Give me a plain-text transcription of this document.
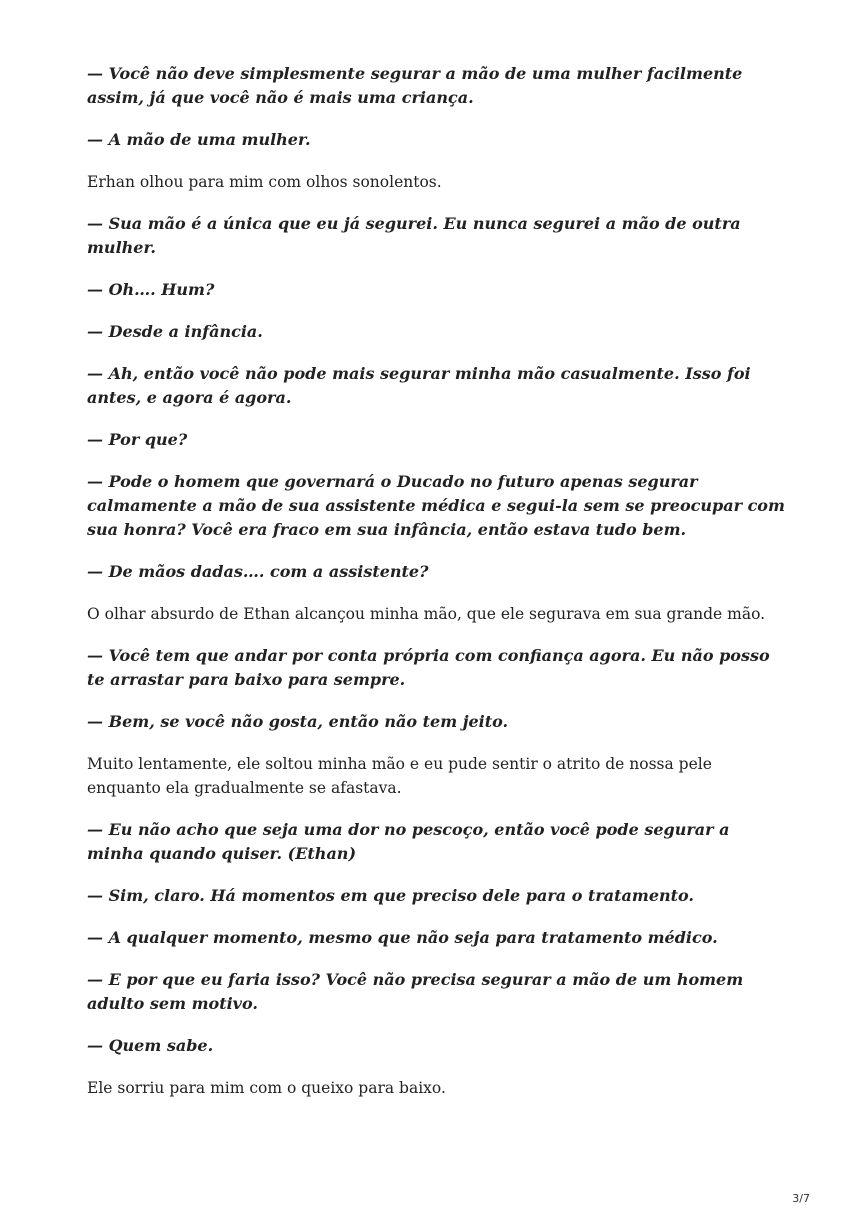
— Você não deve simplesmente segurar a mão de uma mulher facilmente assim, já que você não é mais uma criança.

— A mão de uma mulher.

Erhan olhou para mim com olhos sonolentos.

— Sua mão é a única que eu já segurei. Eu nunca segurei a mão de outra mulher.

— Oh…. Hum?

— Desde a infância.

— Ah, então você não pode mais segurar minha mão casualmente. Isso foi antes, e agora é agora.

— Por que?

— Pode o homem que governará o Ducado no futuro apenas segurar calmamente a mão de sua assistente médica e segui-la sem se preocupar com sua honra? Você era fraco em sua infância, então estava tudo bem.

— De mãos dadas…. com a assistente?

O olhar absurdo de Ethan alcançou minha mão, que ele segurava em sua grande mão.

— Você tem que andar por conta própria com confiança agora. Eu não posso te arrastar para baixo para sempre.

— Bem, se você não gosta, então não tem jeito.

Muito lentamente, ele soltou minha mão e eu pude sentir o atrito de nossa pele enquanto ela gradualmente se afastava.

— Eu não acho que seja uma dor no pescoço, então você pode segurar a minha quando quiser. (Ethan)

— Sim, claro. Há momentos em que preciso dele para o tratamento.

— A qualquer momento, mesmo que não seja para tratamento médico.

— E por que eu faria isso? Você não precisa segurar a mão de um homem adulto sem motivo.

— Quem sabe.

Ele sorriu para mim com o queixo para baixo.

3/7
